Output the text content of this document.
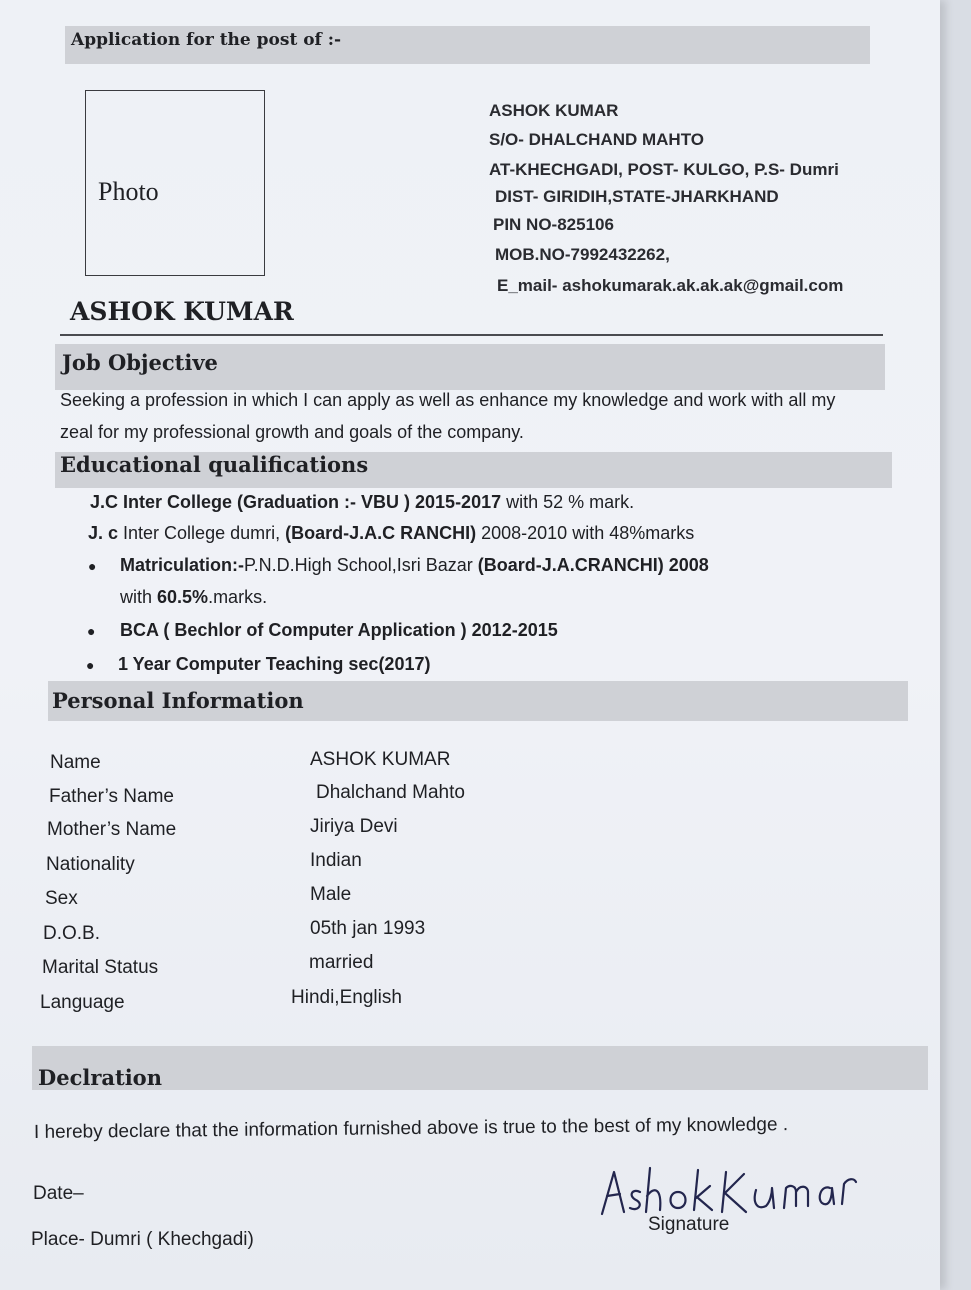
Application for the post of :-
Photo
ASHOK KUMAR
S/O- DHALCHAND MAHTO
AT-KHECHGADI, POST- KULGO, P.S- Dumri
DIST- GIRIDIH,STATE-JHARKHAND
PIN NO-825106
MOB.NO-7992432262,
E_mail- ashokumarak.ak.ak.ak@gmail.com
ASHOK KUMAR
Job Objective
Seeking a profession in which I can apply as well as enhance my knowledge and work with all my
zeal for my professional growth and goals of the company.
Educational qualifications
J.C Inter College (Graduation :- VBU ) 2015-2017 with 52 % mark.
J. c Inter College dumri, (Board-J.A.C RANCHI) 2008-2010 with 48%marks
● Matriculation:-P.N.D.High School,Isri Bazar (Board-J.A.CRANCHI) 2008
with 60.5%.marks.
● BCA ( Bechlor of Computer Application ) 2012-2015
● 1 Year Computer Teaching sec(2017)
Personal Information
Name	ASHOK KUMAR
Father’s Name	Dhalchand Mahto
Mother’s Name	Jiriya Devi
Nationality	Indian
Sex	Male
D.O.B.	05th jan 1993
Marital Status	married
Language	Hindi,English
Declration
I hereby declare that the information furnished above is true to the best of my knowledge .
Date–
Place- Dumri ( Khechgadi)
Signature
